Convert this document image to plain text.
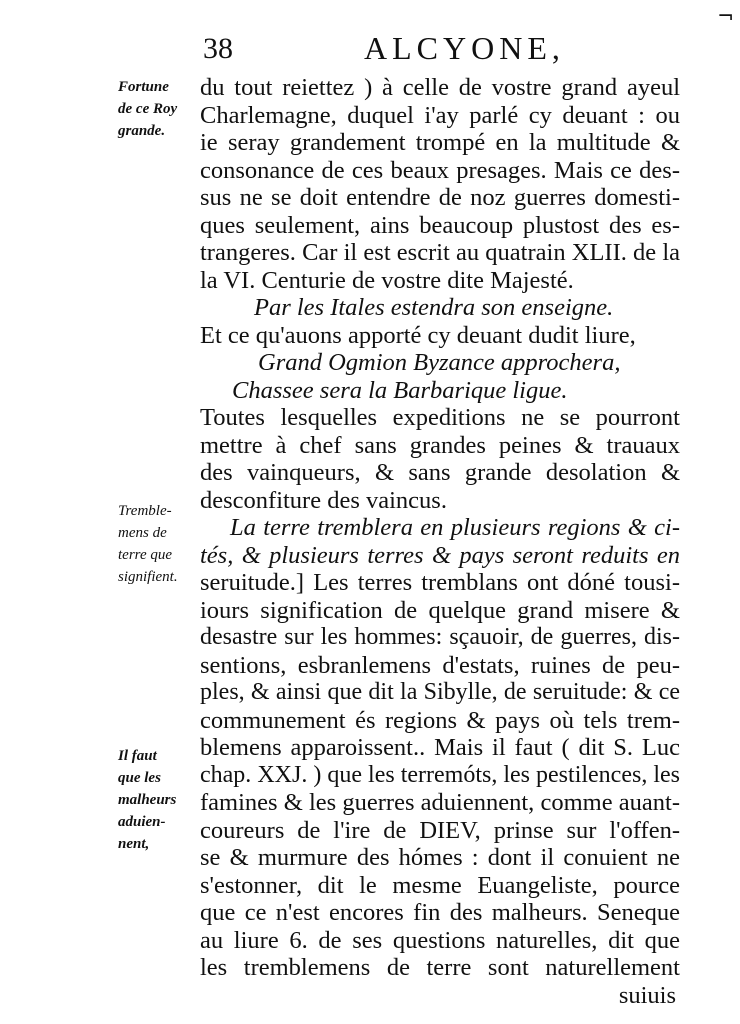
¬
38	ALCYONE,
Fortune
de ce Roy
grande.
Tremble-
mens de
terre que
signifient.
Il faut
que les
malheurs
aduien-
nent,
du tout reiettez ) à celle de vostre grand ayeul
Charlemagne, duquel i'ay parlé cy deuant : ou
ie seray grandement trompé en la multitude &
consonance de ces beaux presages. Mais ce des-
sus ne se doit entendre de noz guerres domesti-
ques seulement, ains beaucoup plustost des es-
trangeres. Car il est escrit au quatrain XLII. de la
la VI. Centurie de vostre dite Majesté.
Par les Itales estendra son enseigne.
Et ce qu'auons apporté cy deuant dudit liure,
Grand Ogmion Byzance approchera,
Chassee sera la Barbarique ligue.
Toutes lesquelles expeditions ne se pourront
mettre à chef sans grandes peines & trauaux
des vainqueurs, & sans grande desolation &
desconfiture des vaincus.
La terre tremblera en plusieurs regions & ci-
tés, & plusieurs terres & pays seront reduits en
seruitude.] Les terres tremblans ont dóné tousi-
iours signification de quelque grand misere &
desastre sur les hommes: sçauoir, de guerres, dis-
sentions, esbranlemens d'estats, ruines de peu-
ples, & ainsi que dit la Sibylle, de seruitude: & ce
communement és regions & pays où tels trem-
blemens apparoissent.. Mais il faut ( dit S. Luc
chap. XXJ. ) que les terremóts, les pestilences, les
famines & les guerres aduiennent, comme auant-
coureurs de l'ire de DIEV, prinse sur l'offen-
se & murmure des hómes : dont il conuient ne
s'estonner, dit le mesme Euangeliste, pource
que ce n'est encores fin des malheurs. Seneque
au liure 6. de ses questions naturelles, dit que
les tremblemens de terre sont naturellement
suiuis
